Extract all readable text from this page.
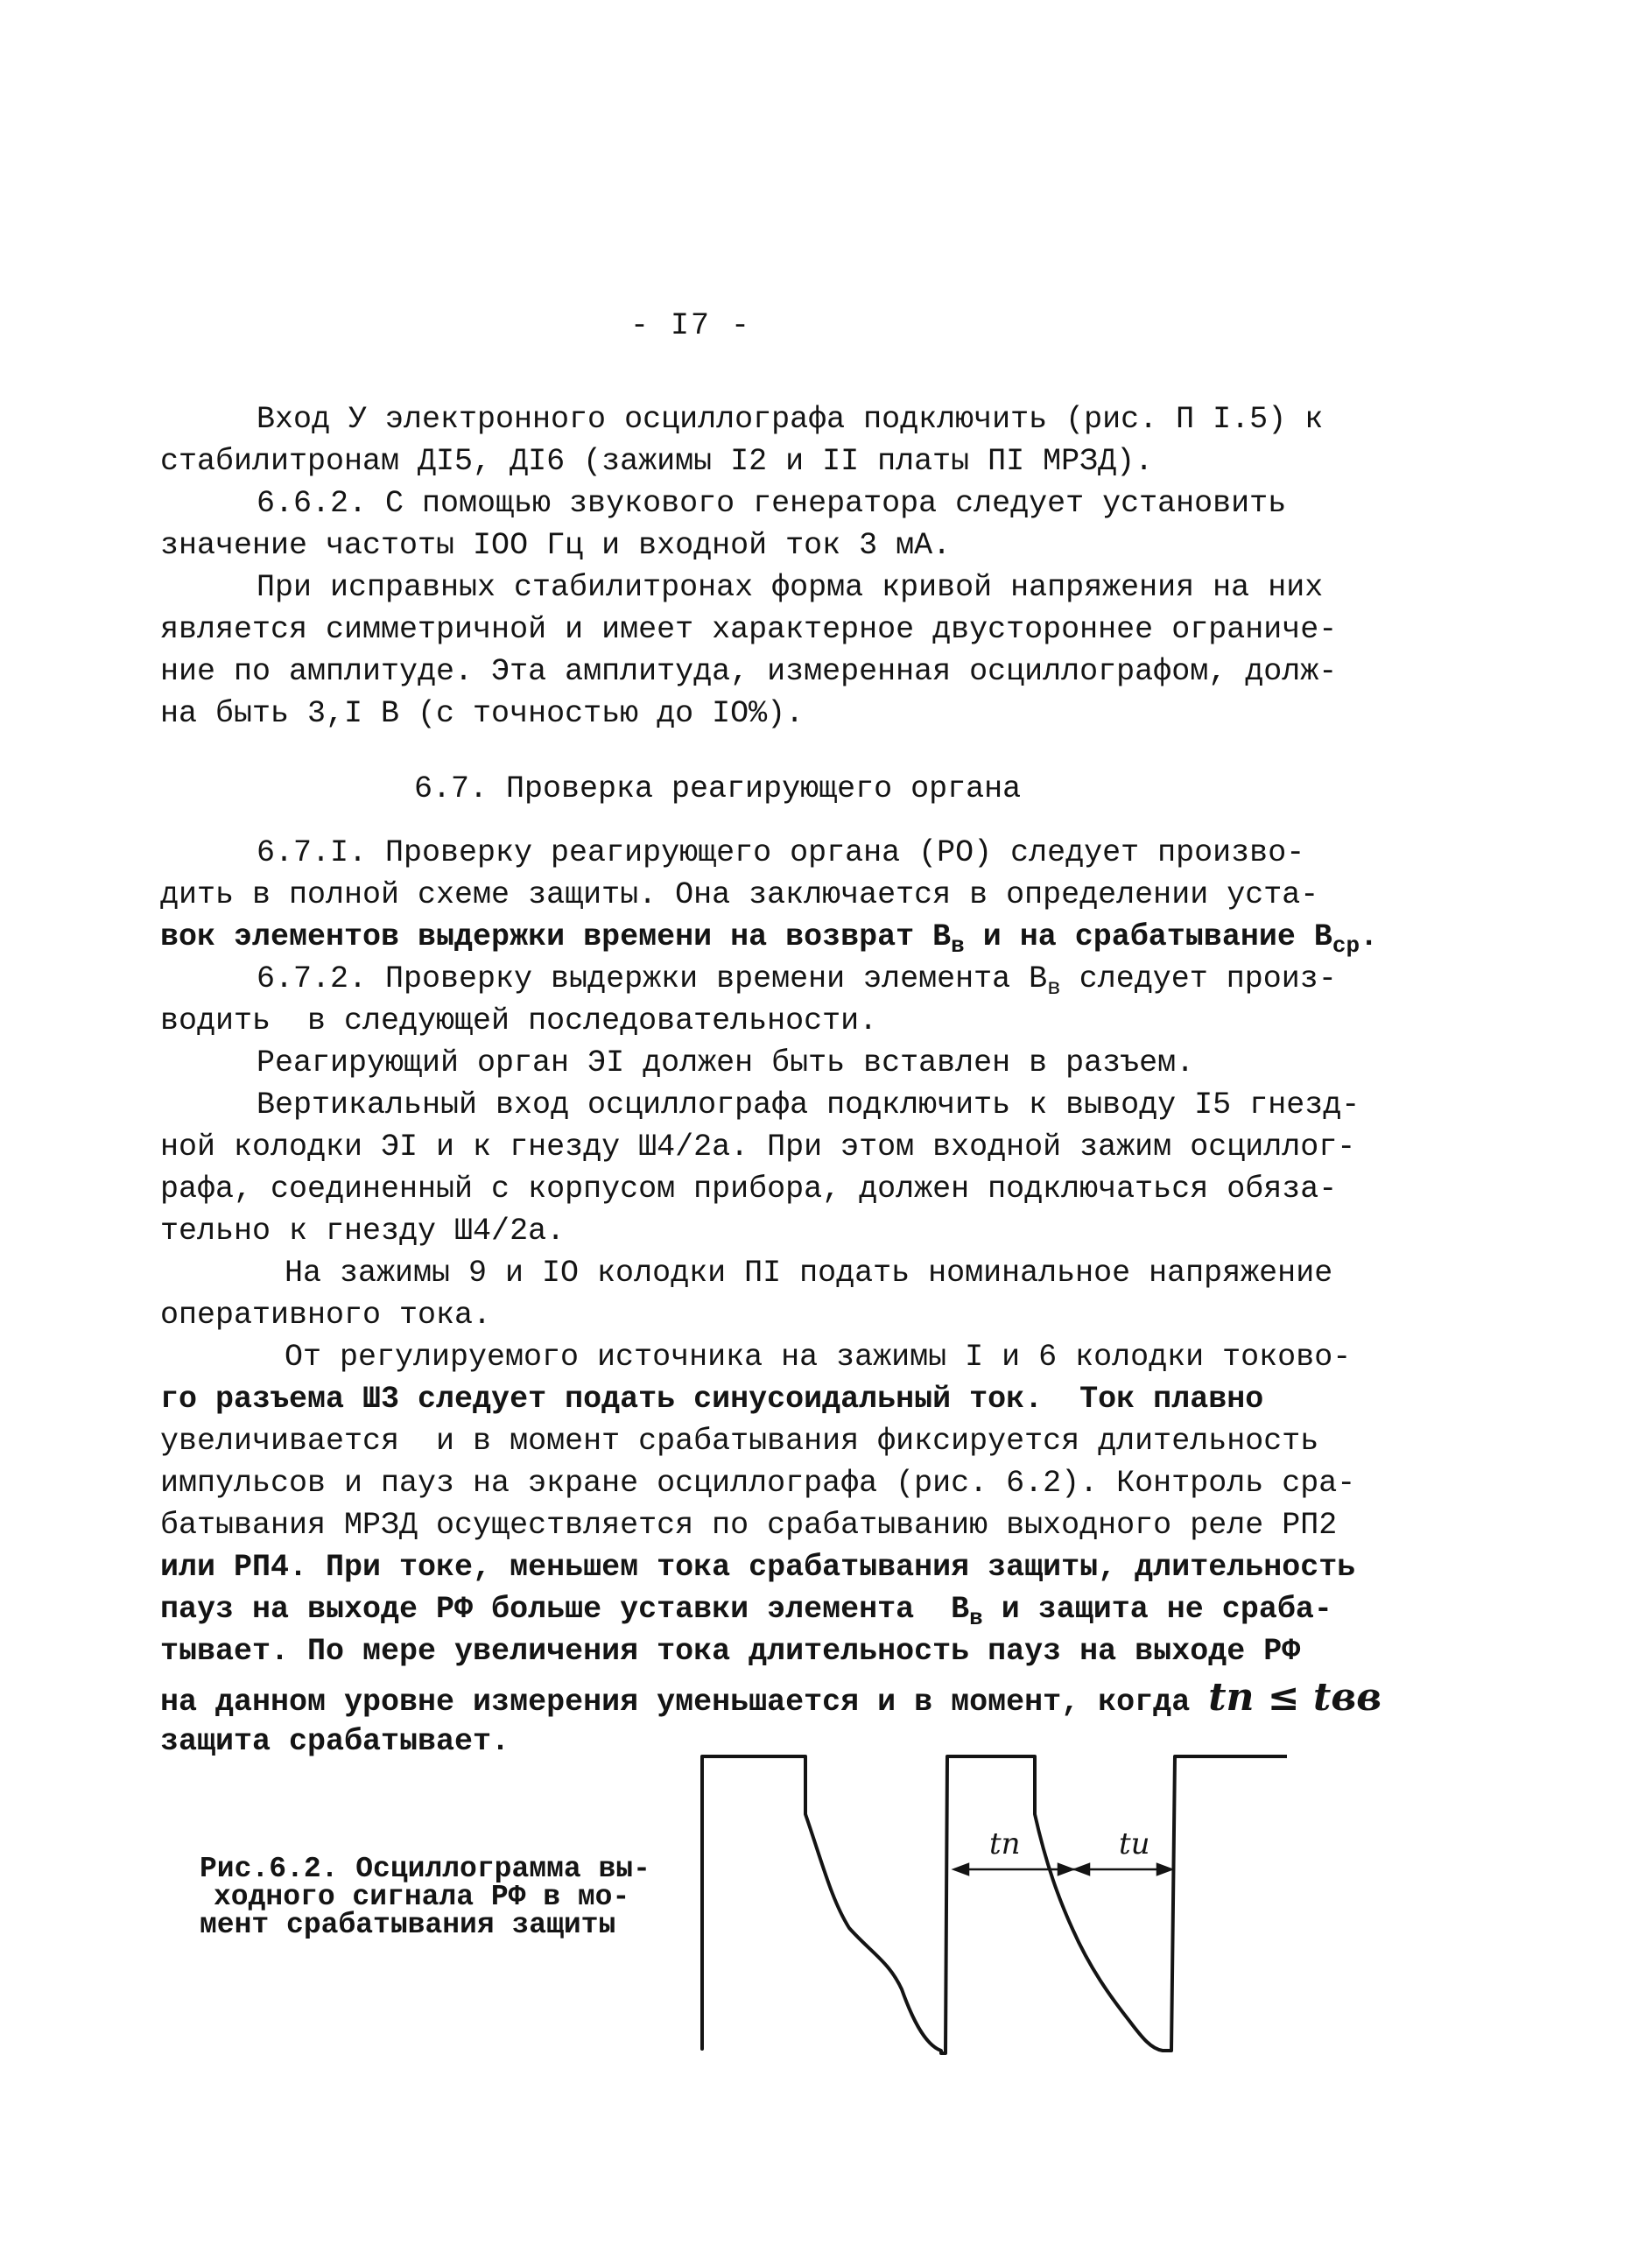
- I7 -
Вход У электронного осциллографа подключить (рис. П I.5) к
стабилитронам ДI5, ДI6 (зажимы I2 и II платы ПI МРЗД).
6.6.2. С помощью звукового генератора следует установить
значение частоты IOO Гц и входной ток 3 мА.
При исправных стабилитронах форма кривой напряжения на них
является симметричной и имеет характерное двустороннее ограниче-
ние по амплитуде. Эта амплитуда, измеренная осциллографом, долж-
на быть 3,I В (с точностью до IO%).
6.7. Проверка реагирующего органа
6.7.I. Проверку реагирующего органа (РО) следует произво-
дить в полной схеме защиты. Она заключается в определении уста-
вок элементов выдержки времени на возврат $В_в$ и на срабатывание $В_{ср}$.
6.7.2. Проверку выдержки времени элемента $В_в$ следует произ-
водить  в следующей последовательности.
Реагирующий орган ЭI должен быть вставлен в разъем.
Вертикальный вход осциллографа подключить к выводу I5 гнезд-
ной колодки ЭI и к гнезду Ш4/2а. При этом входной зажим осциллог-
рафа, соединенный с корпусом прибора, должен подключаться обяза-
тельно к гнезду Ш4/2а.
На зажимы 9 и IO колодки ПI подать номинальное напряжение
оперативного тока.
От регулируемого источника на зажимы I и 6 колодки токово-
го разъема Ш3 следует подать синусоидальный ток.  Ток плавно
увеличивается  и в момент срабатывания фиксируется длительность
импульсов и пауз на экране осциллографа (рис. 6.2). Контроль сра-
батывания МРЗД осуществляется по срабатыванию выходного реле РП2
или РП4. При токе, меньшем тока срабатывания защиты, длительность
пауз на выходе РФ больше уставки элемента  $В_в$ и защита не сраба-
тывает. По мере увеличения тока длительность пауз на выходе РФ
на данном уровне измерения уменьшается и в момент, когда tп ≤ tвв
защита срабатывает.
Рис.6.2. Осциллограмма вы-
ходного сигнала РФ в мо-
мент срабатывания защиты
tп	tи
